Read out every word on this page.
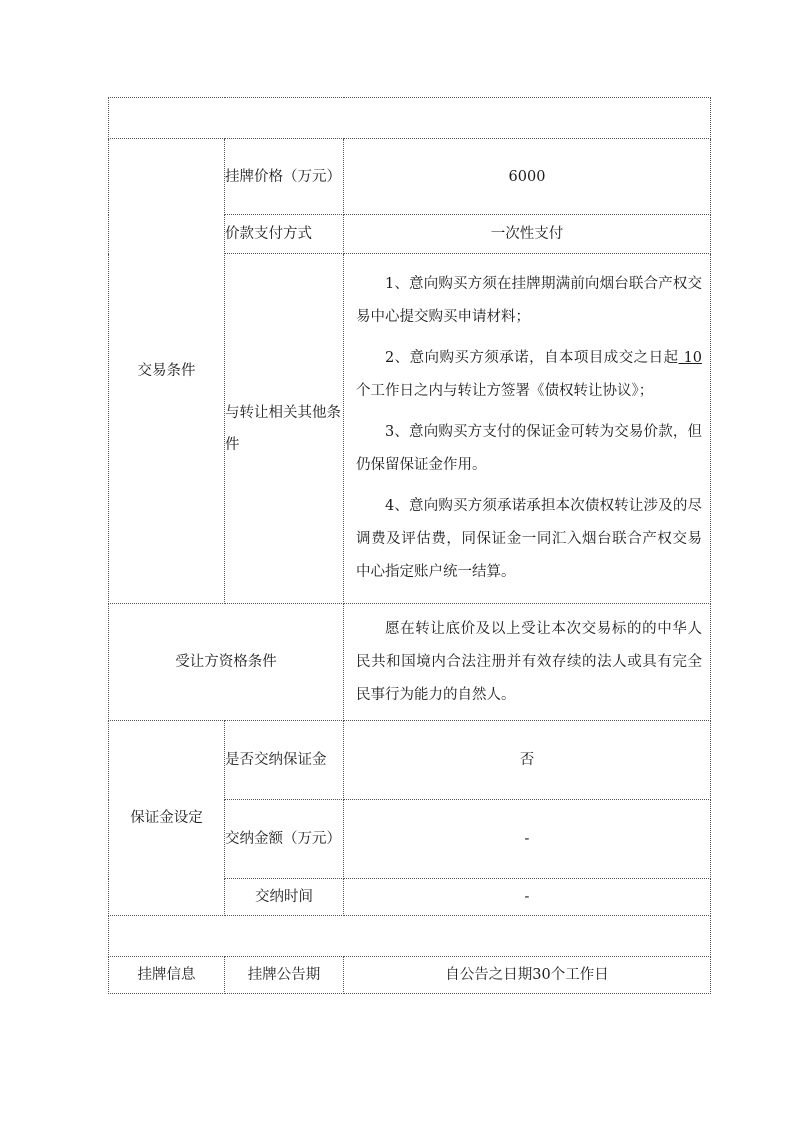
交易条件	挂牌价格（万元）	6000
	价款支付方式	一次性支付
	与转让相关其他条件	1、意向购买方须在挂牌期满前向烟台联合产权交易中心提交购买申请材料；
2、意向购买方须承诺，自本项目成交之日起 10 个工作日之内与转让方签署《债权转让协议》；
3、意向购买方支付的保证金可转为交易价款，但仍保留保证金作用。
4、意向购买方须承诺承担本次债权转让涉及的尽调费及评估费，同保证金一同汇入烟台联合产权交易中心指定账户统一结算。

受让方资格条件		愿在转让底价及以上受让本次交易标的的中华人民共和国境内合法注册并有效存续的法人或具有完全民事行为能力的自然人。

保证金设定	是否交纳保证金	否
	交纳金额（万元）	-
	交纳时间	-

挂牌信息	挂牌公告期	自公告之日期30个工作日
